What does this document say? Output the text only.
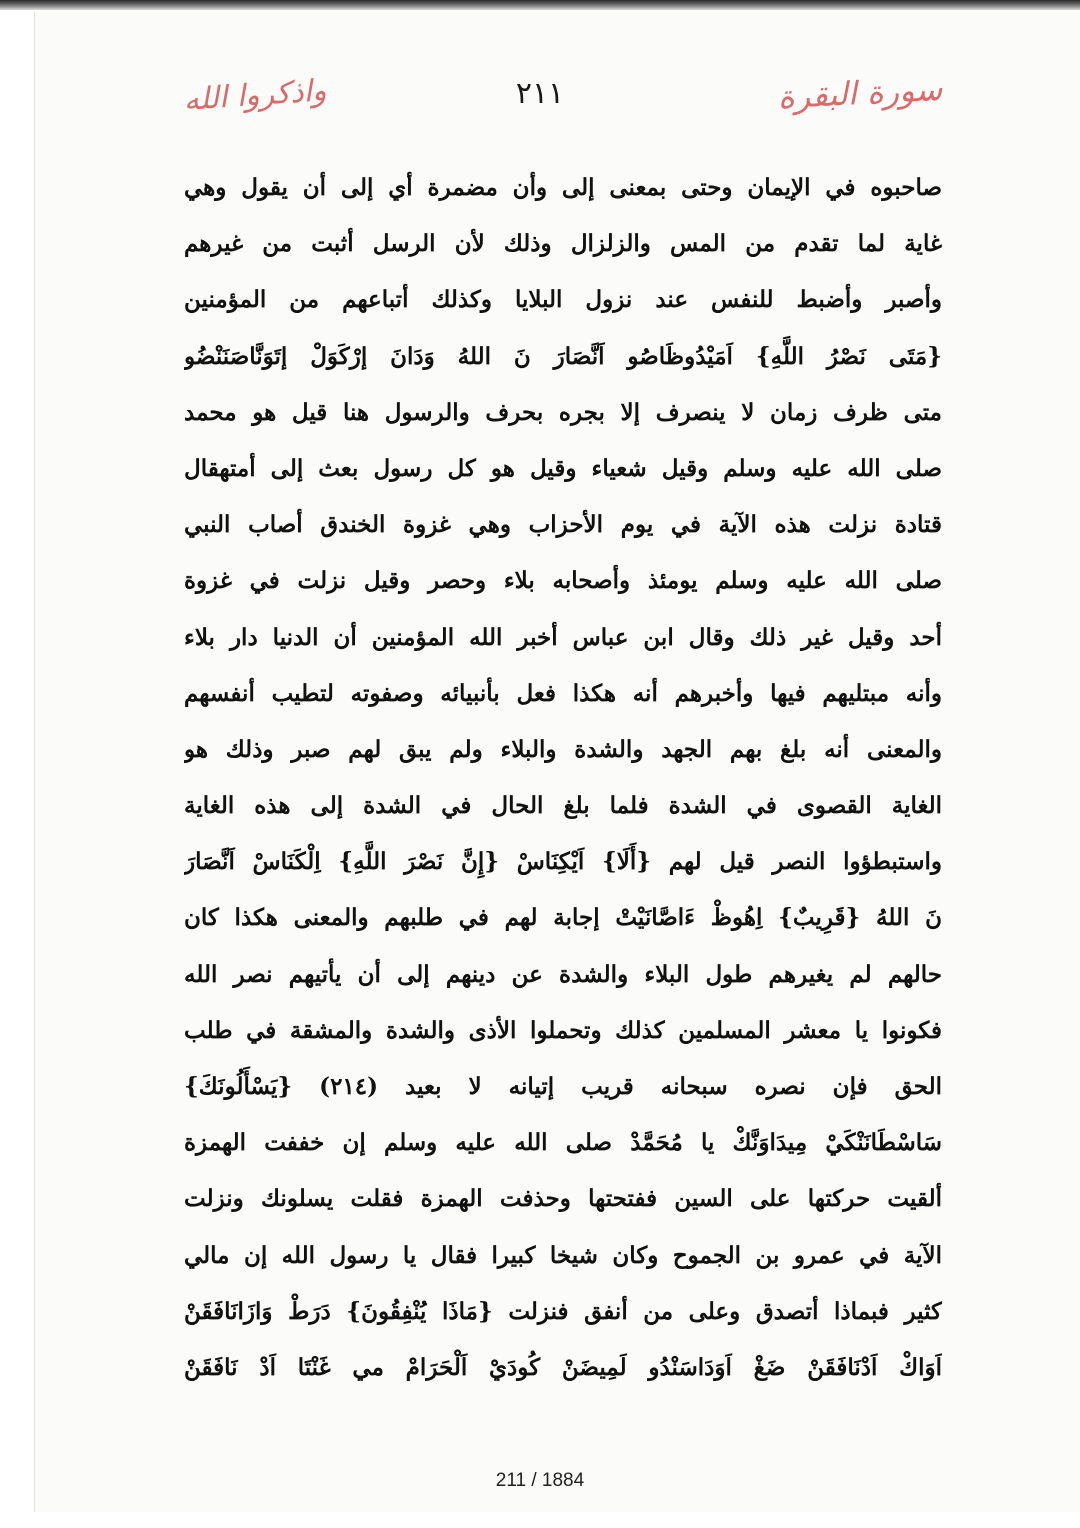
واذكروا الله	٢١١	سورة البقرة
صاحبوه في الإيمان وحتى بمعنى إلى وأن مضمرة أي إلى أن يقول وهي
غاية لما تقدم من المس والزلزال وذلك لأن الرسل أثبت من غيرهم
وأصبر وأضبط للنفس عند نزول البلايا وكذلك أتباعهم من المؤمنين
{مَتَى نَصْرُ اللَّهِ} اَمَيْدُوظَاصُو اَنَّصَارَ نَ اللهُ وَدَانَ إرْكَوَلْ إتَوَنَّاصَنَنْضُو
متى ظرف زمان لا ينصرف إلا بجره بحرف والرسول هنا قيل هو محمد
صلى الله عليه وسلم وقيل شعياء وقيل هو كل رسول بعث إلى أمتهقال
قتادة نزلت هذه الآية في يوم الأحزاب وهي غزوة الخندق أصاب النبي
صلى الله عليه وسلم يومئذ وأصحابه بلاء وحصر وقيل نزلت في غزوة
أحد وقيل غير ذلك وقال ابن عباس أخبر الله المؤمنين أن الدنيا دار بلاء
وأنه مبتليهم فيها وأخبرهم أنه هكذا فعل بأنبيائه وصفوته لتطيب أنفسهم
والمعنى أنه بلغ بهم الجهد والشدة والبلاء ولم يبق لهم صبر وذلك هو
الغاية القصوى في الشدة فلما بلغ الحال في الشدة إلى هذه الغاية
واستبطؤوا النصر قيل لهم {أَلَا} اَيْكِنَاسْ {إِنَّ نَصْرَ اللَّهِ} اِلْكَنَاسْ اَنَّصَارَ
نَ اللهُ {قَرِيبٌ} اِهُوظْ ءَاصَّانَيْتْ إجابة لهم في طلبهم والمعنى هكذا كان
حالهم لم يغيرهم طول البلاء والشدة عن دينهم إلى أن يأتيهم نصر الله
فكونوا يا معشر المسلمين كذلك وتحملوا الأذى والشدة والمشقة في طلب
الحق فإن نصره سبحانه قريب إتيانه لا بعيد (٢١٤) {يَسْأَلُونَكَ}
سَاسْطَانَنْكَيْ مِيدَاوَنَّكْ يا مُحَمَّدْ صلى الله عليه وسلم إن خففت الهمزة
ألقيت حركتها على السين ففتحتها وحذفت الهمزة فقلت يسلونك ونزلت
الآية في عمرو بن الجموح وكان شيخا كبيرا فقال يا رسول الله إن مالي
كثير فبماذا أتصدق وعلى من أنفق فنزلت {مَاذَا يُنْفِقُونَ} دَرَطْ وَازَانَافَقَنْ
اَوَاكْ اَدْنَافَقَنْ ضَغْ اَوَدَاسَنْدُو لَمِيضَنْ كُودَيْ اَلْحَرَامْ مي غَنْتَا اَدْ نَافَقَنْ
211 / 1884
